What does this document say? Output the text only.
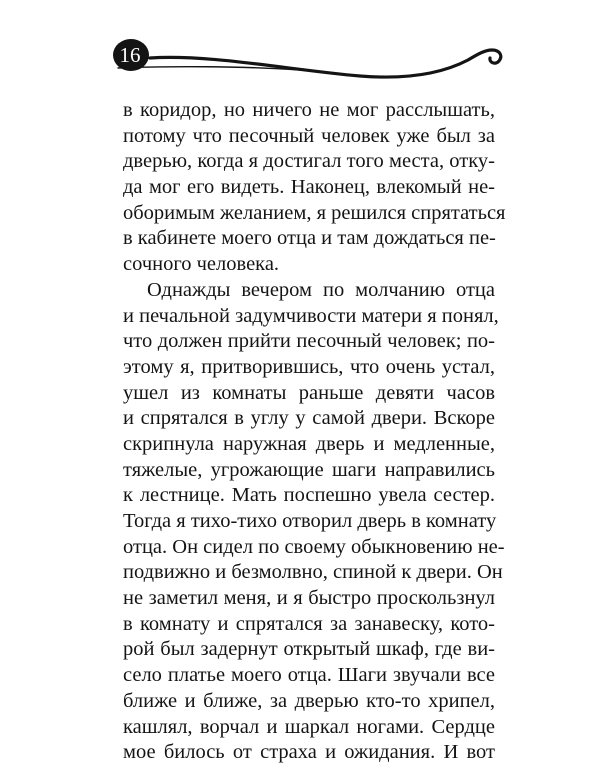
16
в коридор, но ничего не мог расслышать,
потому что песочный человек уже был за
дверью, когда я достигал того места, отку-
да мог его видеть. Наконец, влекомый не-
оборимым желанием, я решился спрятаться
в кабинете моего отца и там дождаться пе-
сочного человека.
Однажды вечером по молчанию отца
и печальной задумчивости матери я понял,
что должен прийти песочный человек; по-
этому я, притворившись, что очень устал,
ушел из комнаты раньше девяти часов
и спрятался в углу у самой двери. Вскоре
скрипнула наружная дверь и медленные,
тяжелые, угрожающие шаги направились
к лестнице. Мать поспешно увела сестер.
Тогда я тихо-тихо отворил дверь в комнату
отца. Он сидел по своему обыкновению не-
подвижно и безмолвно, спиной к двери. Он
не заметил меня, и я быстро проскользнул
в комнату и спрятался за занавеску, кото-
рой был задернут открытый шкаф, где ви-
село платье моего отца. Шаги звучали все
ближе и ближе, за дверью кто-то хрипел,
кашлял, ворчал и шаркал ногами. Сердце
мое билось от страха и ожидания. И вот
